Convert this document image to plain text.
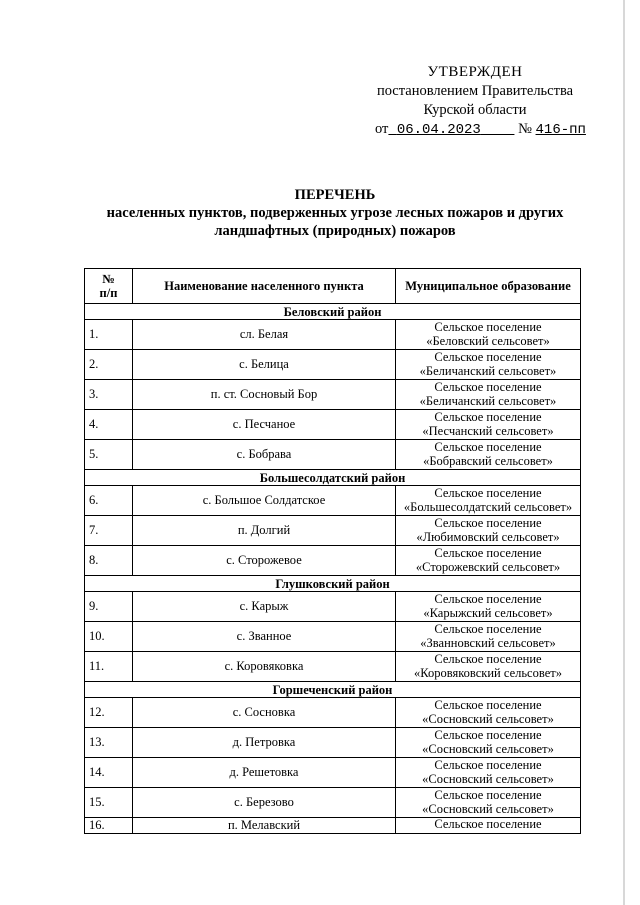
УТВЕРЖДЕН
постановлением Правительства
Курской области
от 06.04.2023	№ 416-пп
ПЕРЕЧЕНЬ
населенных пунктов, подверженных угрозе лесных пожаров и других
ландшафтных (природных) пожаров
№
п/п	Наименование населенного пункта	Муниципальное образование
Беловский район		
1.	сл. Белая	Сельское поселение
«Беловский сельсовет»

2.	с. Белица	Сельское поселение
«Беличанский сельсовет»

3.	п. ст. Сосновый Бор	Сельское поселение
«Беличанский сельсовет»

4.	с. Песчаное	Сельское поселение
«Песчанский сельсовет»

5.	с. Бобрава	Сельское поселение
«Бобравский сельсовет»

Большесолдатский район		
6.	с. Большое Солдатское	Сельское поселение
«Большесолдатский сельсовет»

7.	п. Долгий	Сельское поселение
«Любимовский сельсовет»

8.	с. Сторожевое	Сельское поселение
«Сторожевский сельсовет»

Глушковский район		
9.	с. Карыж	Сельское поселение
«Карыжский сельсовет»

10.	с. Званное	Сельское поселение
«Званновский сельсовет»

11.	с. Коровяковка	Сельское поселение
«Коровяковский сельсовет»

Горшеченский район		
12.	с. Сосновка	Сельское поселение
«Сосновский сельсовет»

13.	д. Петровка	Сельское поселение
«Сосновский сельсовет»

14.	д. Решетовка	Сельское поселение
«Сосновский сельсовет»

15.	с. Березово	Сельское поселение
«Сосновский сельсовет»

16.	п. Мелавский	Сельское поселение
